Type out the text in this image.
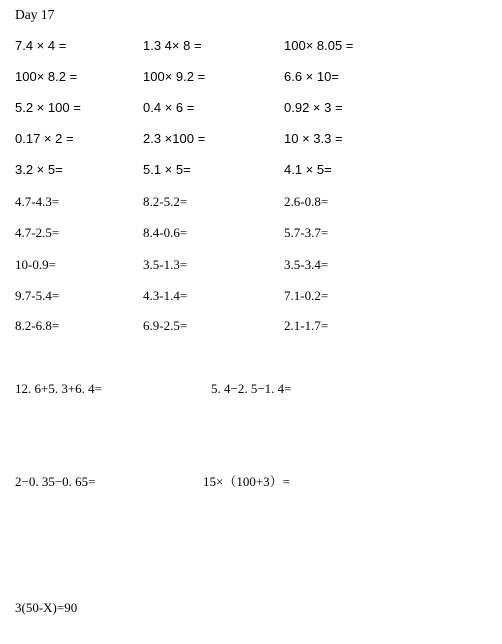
Day 17
7.4 × 4 =	1.3 4× 8 =	100× 8.05 =
100× 8.2 =	100× 9.2 =	6.6 × 10=
5.2 × 100 =	0.4 × 6 =	0.92 × 3 =
0.17 × 2 =	2.3 ×100 =	10 × 3.3 =
3.2 × 5=	5.1 × 5=	4.1 × 5=
4.7-4.3=	8.2-5.2=	2.6-0.8=
4.7-2.5=	8.4-0.6=	5.7-3.7=
10-0.9=	3.5-1.3=	3.5-3.4=
9.7-5.4=	4.3-1.4=	7.1-0.2=
8.2-6.8=	6.9-2.5=	2.1-1.7=
12. 6+5. 3+6. 4=	5. 4−2. 5−1. 4=
2−0. 35−0. 65=	15×（100+3）=
3(50-X)=90
